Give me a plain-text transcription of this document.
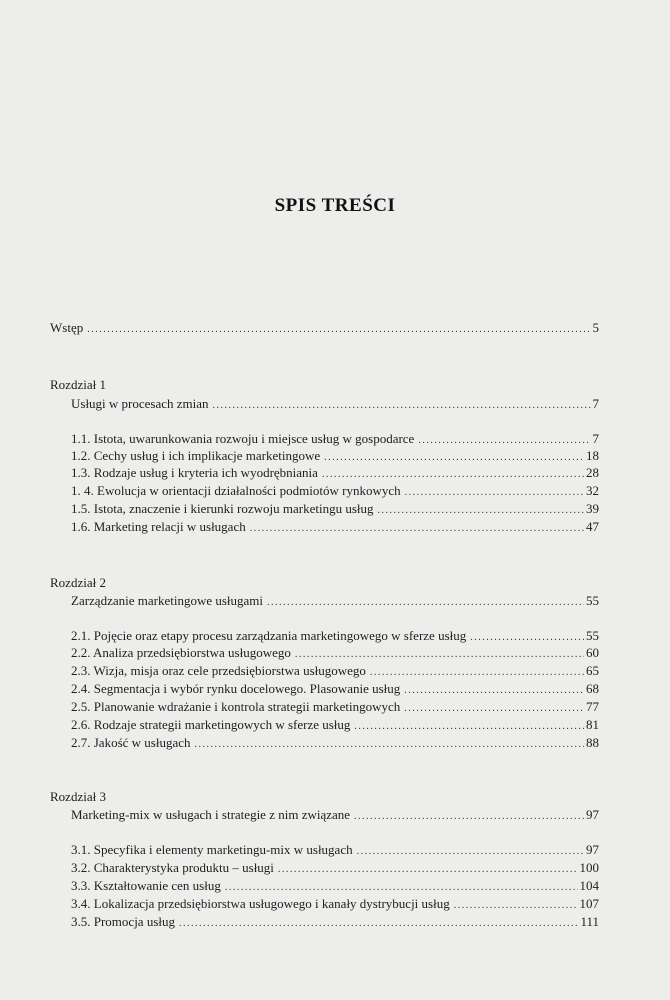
SPIS TREŚCI
Wstęp .....	5
Rozdział 1
Usługi w procesach zmian .....	7
1.1. Istota, uwarunkowania rozwoju i miejsce usług w gospodarce .....	7
1.2. Cechy usług i ich implikacje marketingowe .....	18
1.3. Rodzaje usług i kryteria ich wyodrębniania .....	28
1. 4. Ewolucja w orientacji działalności podmiotów rynkowych .....	32
1.5. Istota, znaczenie i kierunki rozwoju marketingu usług .....	39
1.6. Marketing relacji w usługach .....	47
Rozdział 2
Zarządzanie marketingowe usługami .....	55
2.1. Pojęcie oraz etapy procesu zarządzania marketingowego w sferze usług .....	55
2.2. Analiza przedsiębiorstwa usługowego .....	60
2.3. Wizja, misja oraz cele przedsiębiorstwa usługowego .....	65
2.4. Segmentacja i wybór rynku docelowego. Plasowanie usług .....	68
2.5. Planowanie wdrażanie i kontrola strategii marketingowych .....	77
2.6. Rodzaje strategii marketingowych w sferze usług .....	81
2.7. Jakość w usługach .....	88
Rozdział 3
Marketing-mix w usługach i strategie z nim związane .....	97
3.1. Specyfika i elementy marketingu-mix w usługach .....	97
3.2. Charakterystyka produktu – usługi .....	100
3.3. Kształtowanie cen usług .....	104
3.4. Lokalizacja przedsiębiorstwa usługowego i kanały dystrybucji usług .....	107
3.5. Promocja usług .....	111
